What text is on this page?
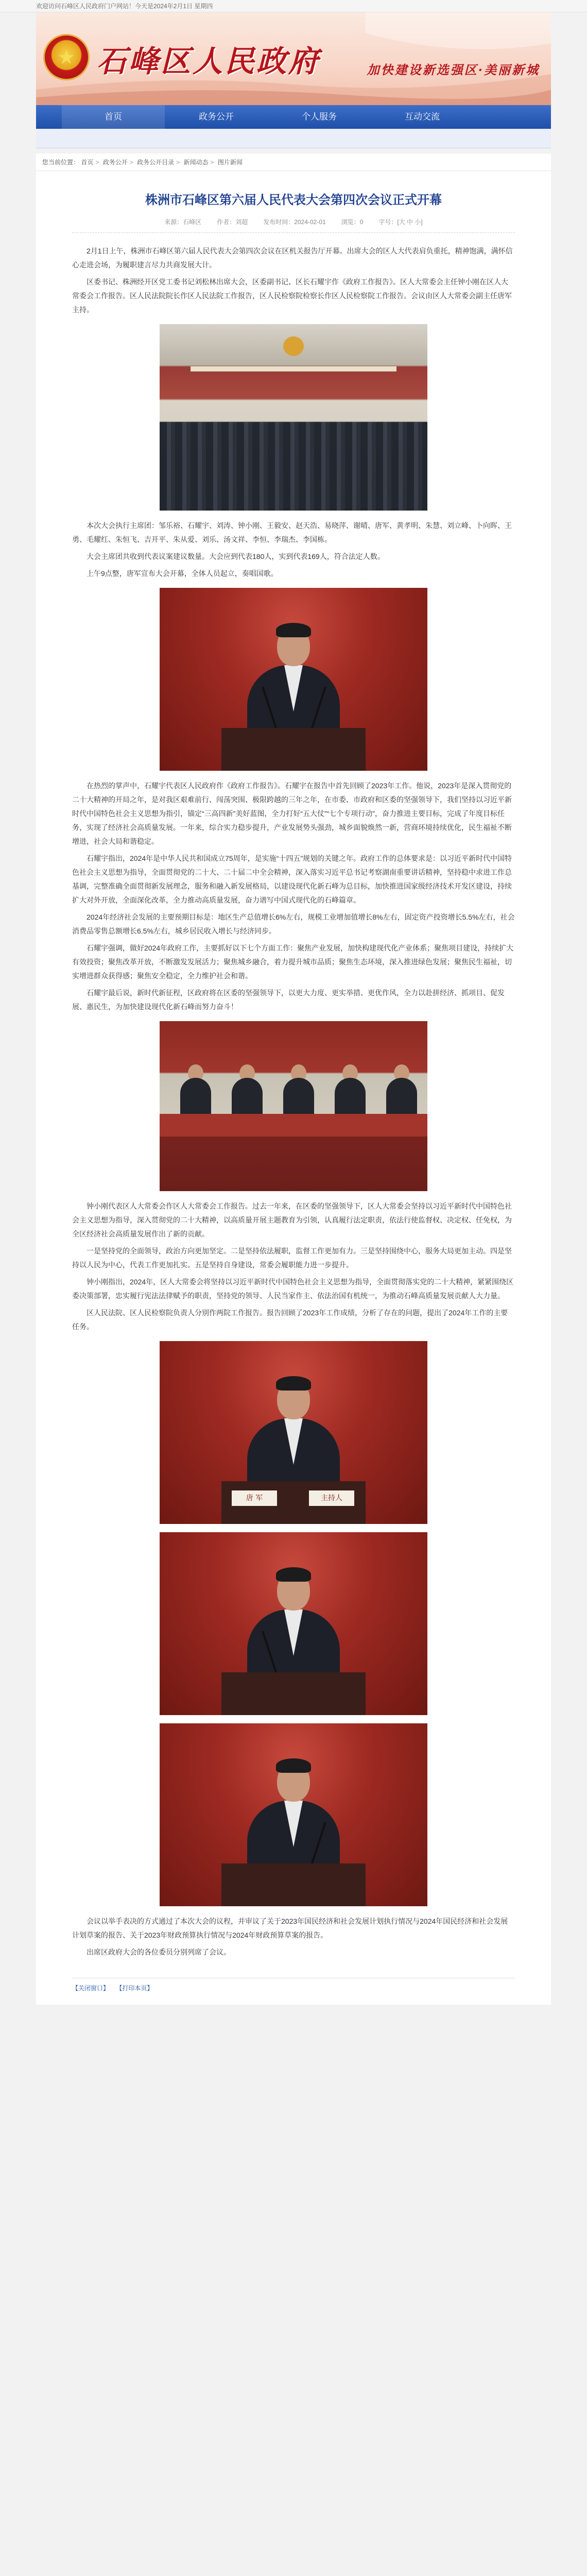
欢迎访问石峰区人民政府门户网站！今天是2024年2月1日 星期四
★ 石峰区人民政府	加快建设新选强区·美丽新城
首页	政务公开	个人服务	互动交流
您当前位置： 首页 > 政务公开 > 政务公开目录 > 新闻动态 > 图片新闻
株洲市石峰区第六届人民代表大会第四次会议正式开幕
来源：石峰区	作者：刘超	发布时间：2024-02-01	浏览：0	字号：[大 中 小]

2月1日上午，株洲市石峰区第六届人民代表大会第四次会议在区机关报告厅开幕。出席大会的区人大代表肩负重托，精神饱满，满怀信心走进会场，为履职建言尽力共商发展大计。

区委书记、株洲经开区党工委书记刘松林出席大会，区委副书记、区长石耀宇作《政府工作报告》。区人大常委会主任钟小刚在区人大常委会工作报告。区人民法院院长作区人民法院工作报告，区人民检察院检察长作区人民检察院工作报告。会议由区人大常委会副主任唐军主持。

本次大会执行主席团：邹乐裕、石耀宇、刘涛、钟小刚、王毅安、赵天浩、易晓萍、谢晴、唐军、黄孝明、朱慧、刘立峰、卜向晖、王勇、毛耀红、朱恒飞、吉开平、朱从爱、刘乐、汤文祥、李恒、李瑞杰、李国栋。

大会主席团共收到代表议案建议数量。大会应到代表180人，实到代表169人，符合法定人数。

上午9点整，唐军宣布大会开幕，全体人员起立，奏唱国歌。

在热烈的掌声中，石耀宇代表区人民政府作《政府工作报告》。石耀宇在报告中首先回顾了2023年工作。他说，2023年是深入贯彻党的二十大精神的开局之年，是对我区艰难前行、闯荡突围、极限跨越的三年之年，在市委、市政府和区委的坚强领导下，我们坚持以习近平新时代中国特色社会主义思想为指引，锚定“三高四新”美好蓝图，全力打好“五大仗”“七个专项行动”，奋力推进主要目标，完成了年度目标任务，实现了经济社会高质量发展。一年来，综合实力稳步提升，产业发展势头强劲，城乡面貌焕然一新，营商环境持续优化，民生福祉不断增进，社会大局和谐稳定。

石耀宇指出，2024年是中华人民共和国成立75周年，是实施“十四五”规划的关键之年。政府工作的总体要求是：以习近平新时代中国特色社会主义思想为指导，全面贯彻党的二十大、二十届二中全会精神，深入落实习近平总书记考察湖南重要讲话精神，坚持稳中求进工作总基调，完整准确全面贯彻新发展理念，服务和融入新发展格局，以建设现代化新石峰为总目标，加快推进国家级经济技术开发区建设，持续扩大对外开放，全面深化改革，全力推动高质量发展，奋力谱写中国式现代化的石峰篇章。

2024年经济社会发展的主要预期目标是：地区生产总值增长6%左右，规模工业增加值增长8%左右，固定资产投资增长5.5%左右，社会消费品零售总额增长6.5%左右，城乡居民收入增长与经济同步。

石耀宇强调，做好2024年政府工作，主要抓好以下七个方面工作：聚焦产业发展，加快构建现代化产业体系；聚焦项目建设，持续扩大有效投资；聚焦改革开放，不断激发发展活力；聚焦城乡融合，着力提升城市品质；聚焦生态环境，深入推进绿色发展；聚焦民生福祉，切实增进群众获得感；聚焦安全稳定，全力维护社会和谐。

石耀宇最后说，新时代新征程，区政府将在区委的坚强领导下，以更大力度、更实举措、更优作风，全力以赴拼经济、抓项目、促发展、惠民生，为加快建设现代化新石峰而努力奋斗！

钟小刚代表区人大常委会作区人大常委会工作报告。过去一年来，在区委的坚强领导下，区人大常委会坚持以习近平新时代中国特色社会主义思想为指导，深入贯彻党的二十大精神，以高质量开展主题教育为引领，认真履行法定职责，依法行使监督权、决定权、任免权，为全区经济社会高质量发展作出了新的贡献。

一是坚持党的全面领导，政治方向更加坚定。二是坚持依法履职，监督工作更加有力。三是坚持围绕中心，服务大局更加主动。四是坚持以人民为中心，代表工作更加扎实。五是坚持自身建设，常委会履职能力进一步提升。

钟小刚指出，2024年，区人大常委会将坚持以习近平新时代中国特色社会主义思想为指导，全面贯彻落实党的二十大精神，紧紧围绕区委决策部署，忠实履行宪法法律赋予的职责，坚持党的领导、人民当家作主、依法治国有机统一，为推动石峰高质量发展贡献人大力量。

区人民法院、区人民检察院负责人分别作两院工作报告。报告回顾了2023年工作成绩，分析了存在的问题，提出了2024年工作的主要任务。

唐 军	主持人

会议以举手表决的方式通过了本次大会的议程，并审议了关于2023年国民经济和社会发展计划执行情况与2024年国民经济和社会发展计划草案的报告、关于2023年财政预算执行情况与2024年财政预算草案的报告。

出席区政府大会的各位委员分别列席了会议。

【关闭窗口】 【打印本页】
